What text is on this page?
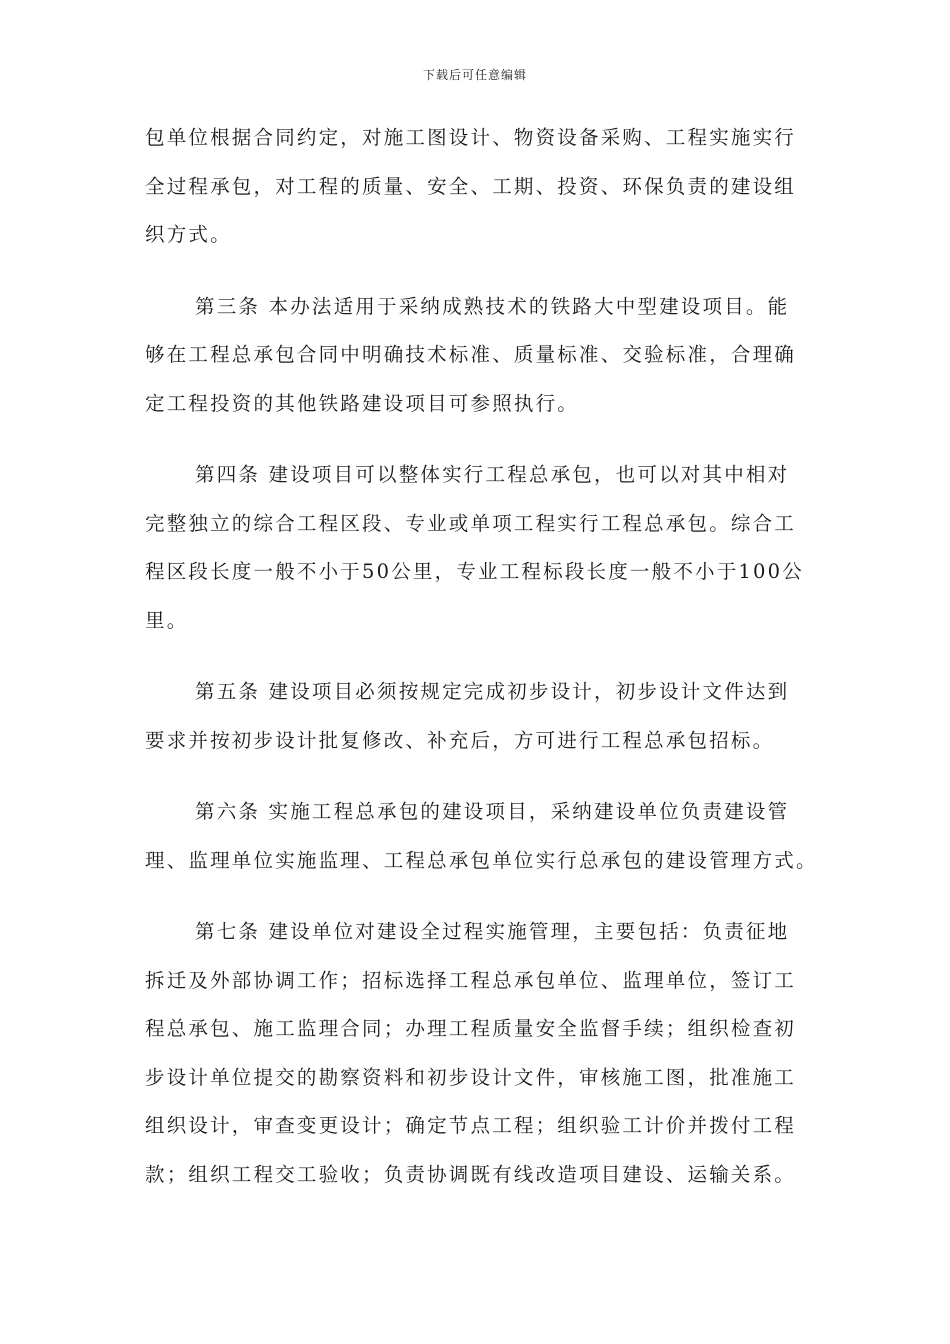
下载后可任意编辑
包单位根据合同约定，对施工图设计、物资设备采购、工程实施实行
全过程承包，对工程的质量、安全、工期、投资、环保负责的建设组
织方式。
第三条 本办法适用于采纳成熟技术的铁路大中型建设项目。能
够在工程总承包合同中明确技术标准、质量标准、交验标准，合理确
定工程投资的其他铁路建设项目可参照执行。
第四条 建设项目可以整体实行工程总承包，也可以对其中相对
完整独立的综合工程区段、专业或单项工程实行工程总承包。综合工
程区段长度一般不小于50公里，专业工程标段长度一般不小于100公
里。
第五条 建设项目必须按规定完成初步设计，初步设计文件达到
要求并按初步设计批复修改、补充后，方可进行工程总承包招标。
第六条 实施工程总承包的建设项目，采纳建设单位负责建设管
理、监理单位实施监理、工程总承包单位实行总承包的建设管理方式。
第七条 建设单位对建设全过程实施管理，主要包括：负责征地
拆迁及外部协调工作；招标选择工程总承包单位、监理单位，签订工
程总承包、施工监理合同；办理工程质量安全监督手续；组织检查初
步设计单位提交的勘察资料和初步设计文件，审核施工图，批准施工
组织设计，审查变更设计；确定节点工程；组织验工计价并拨付工程
款；组织工程交工验收；负责协调既有线改造项目建设、运输关系。
